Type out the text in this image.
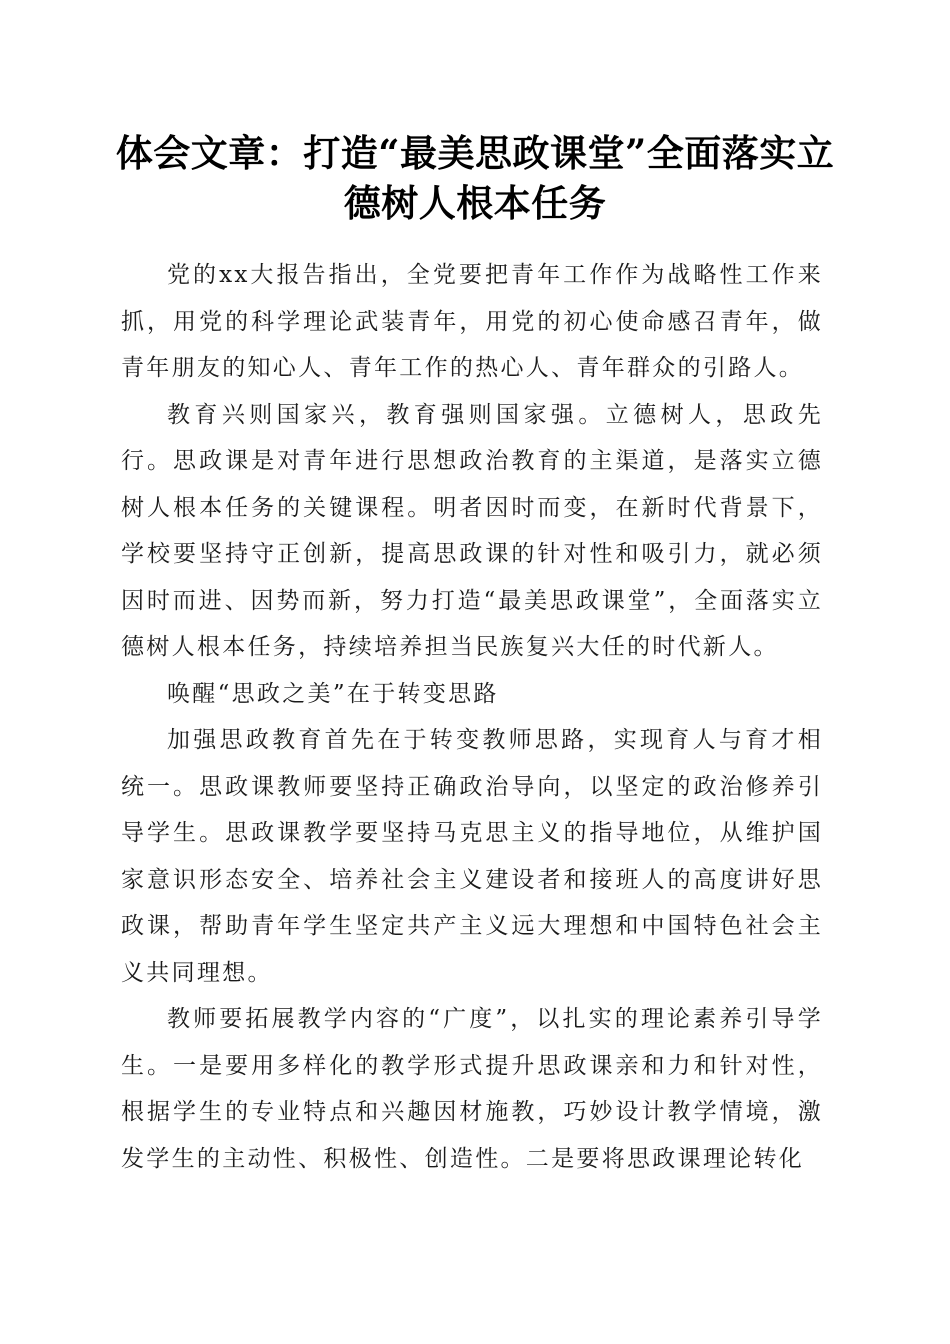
体会文章：打造“最美思政课堂”全面落实立德树人根本任务

党的xx大报告指出，全党要把青年工作作为战略性工作来抓，用党的科学理论武装青年，用党的初心使命感召青年，做青年朋友的知心人、青年工作的热心人、青年群众的引路人。

教育兴则国家兴，教育强则国家强。立德树人，思政先行。思政课是对青年进行思想政治教育的主渠道，是落实立德树人根本任务的关键课程。明者因时而变，在新时代背景下，学校要坚持守正创新，提高思政课的针对性和吸引力，就必须因时而进、因势而新，努力打造“最美思政课堂”，全面落实立德树人根本任务，持续培养担当民族复兴大任的时代新人。

唤醒“思政之美”在于转变思路

加强思政教育首先在于转变教师思路，实现育人与育才相统一。思政课教师要坚持正确政治导向，以坚定的政治修养引导学生。思政课教学要坚持马克思主义的指导地位，从维护国家意识形态安全、培养社会主义建设者和接班人的高度讲好思政课，帮助青年学生坚定共产主义远大理想和中国特色社会主义共同理想。

教师要拓展教学内容的“广度”，以扎实的理论素养引导学生。一是要用多样化的教学形式提升思政课亲和力和针对性，根据学生的专业特点和兴趣因材施教，巧妙设计教学情境，激发学生的主动性、积极性、创造性。二是要将思政课理论转化
